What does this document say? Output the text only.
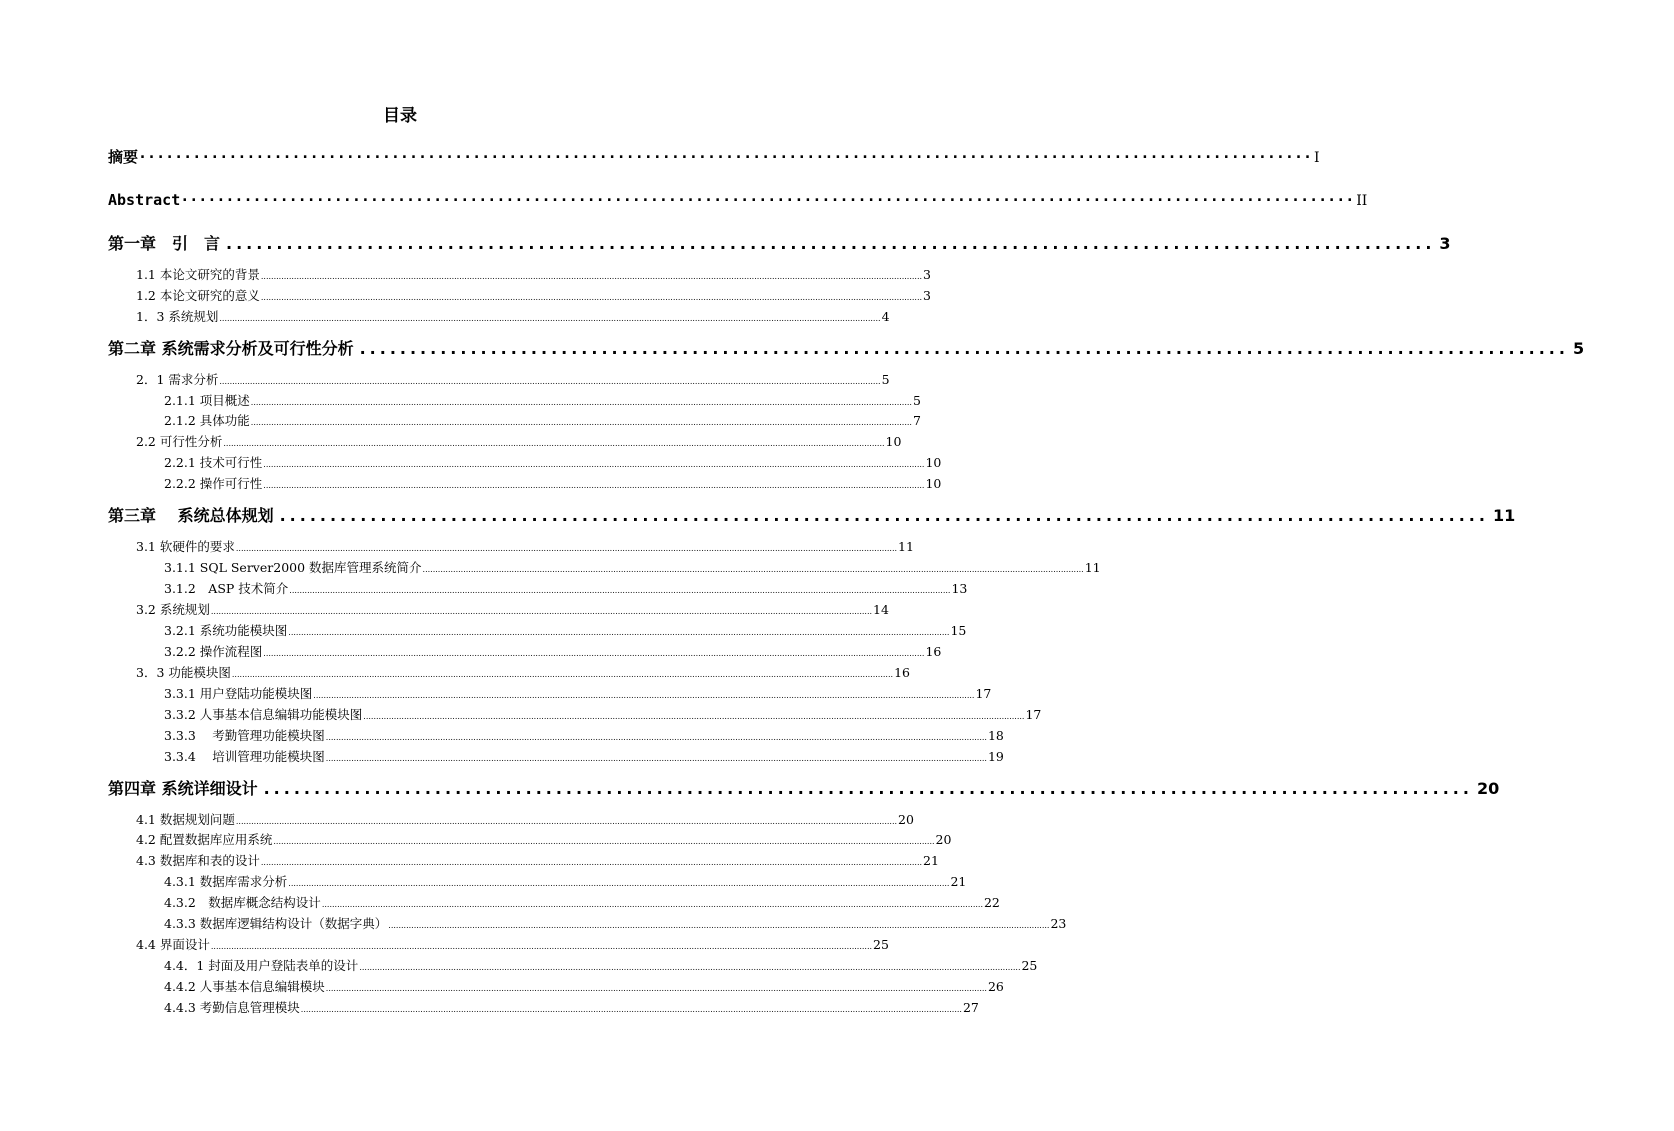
目录
摘要 ·································································································································· I
Abstract ·································································································································· II
第一章　引　言 ........................................................................................................................ 3
1.1 本论文研究的背景 .................................................................................................................................................................................................................................................................... 3
1.2 本论文研究的意义 .................................................................................................................................................................................................................................................................... 3
1．3 系统规划 .................................................................................................................................................................................................................................................................... 4
第二章 系统需求分析及可行性分析 ........................................................................................................................ 5
2．1 需求分析 .................................................................................................................................................................................................................................................................... 5
2.1.1 项目概述 .................................................................................................................................................................................................................................................................... 5
2.1.2 具体功能 .................................................................................................................................................................................................................................................................... 7
2.2 可行性分析 .................................................................................................................................................................................................................................................................... 10
2.2.1 技术可行性 .................................................................................................................................................................................................................................................................... 10
2.2.2 操作可行性 .................................................................................................................................................................................................................................................................... 10
第三章　 系统总体规划 ........................................................................................................................ 11
3.1 软硬件的要求 .................................................................................................................................................................................................................................................................... 11
3.1.1 SQL Server2000 数据库管理系统简介 .................................................................................................................................................................................................................................................................... 11
3.1.2　ASP 技术简介 .................................................................................................................................................................................................................................................................... 13
3.2 系统规划 .................................................................................................................................................................................................................................................................... 14
3.2.1 系统功能模块图 .................................................................................................................................................................................................................................................................... 15
3.2.2 操作流程图 .................................................................................................................................................................................................................................................................... 16
3．3 功能模块图 .................................................................................................................................................................................................................................................................... 16
3.3.1 用户登陆功能模块图 .................................................................................................................................................................................................................................................................... 17
3.3.2 人事基本信息编辑功能模块图 .................................................................................................................................................................................................................................................................... 17
3.3.3　 考勤管理功能模块图 .................................................................................................................................................................................................................................................................... 18
3.3.4　 培训管理功能模块图 .................................................................................................................................................................................................................................................................... 19
第四章 系统详细设计 ........................................................................................................................ 20
4.1 数据规划问题 .................................................................................................................................................................................................................................................................... 20
4.2 配置数据库应用系统 .................................................................................................................................................................................................................................................................... 20
4.3 数据库和表的设计 .................................................................................................................................................................................................................................................................... 21
4.3.1 数据库需求分析 .................................................................................................................................................................................................................................................................... 21
4.3.2　数据库概念结构设计 .................................................................................................................................................................................................................................................................... 22
4.3.3 数据库逻辑结构设计（数据字典） .................................................................................................................................................................................................................................................................... 23
4.4 界面设计 .................................................................................................................................................................................................................................................................... 25
4.4．1 封面及用户登陆表单的设计 .................................................................................................................................................................................................................................................................... 25
4.4.2 人事基本信息编辑模块 .................................................................................................................................................................................................................................................................... 26
4.4.3 考勤信息管理模块 .................................................................................................................................................................................................................................................................... 27
